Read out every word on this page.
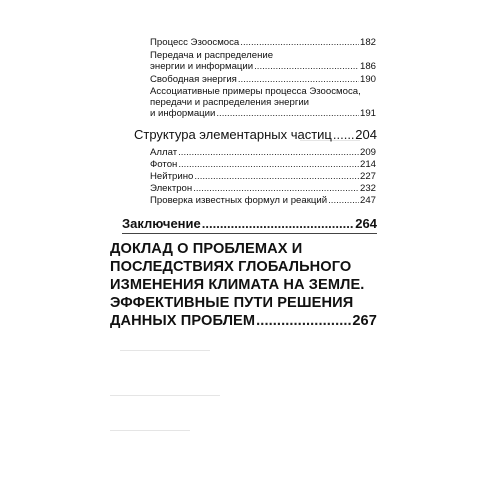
Процесс Эзоосмоса .....	182
Передача и распределение
энергии и информации .....	186
Свободная энергия .....	190
Ассоциативные примеры процесса Эзоосмоса,
передачи и распределения энергии
и информации .....	191
Структура элементарных частиц ..... 204
Аллат .....	209
Фотон .....	214
Нейтрино .....	227
Электрон .....	232
Проверка известных формул и реакций .....	247
Заключение .....	264
ДОКЛАД О ПРОБЛЕМАХ И
ПОСЛЕДСТВИЯХ ГЛОБАЛЬНОГО
ИЗМЕНЕНИЯ КЛИМАТА НА ЗЕМЛЕ.
ЭФФЕКТИВНЫЕ ПУТИ РЕШЕНИЯ
ДАННЫХ ПРОБЛЕМ .....	267
